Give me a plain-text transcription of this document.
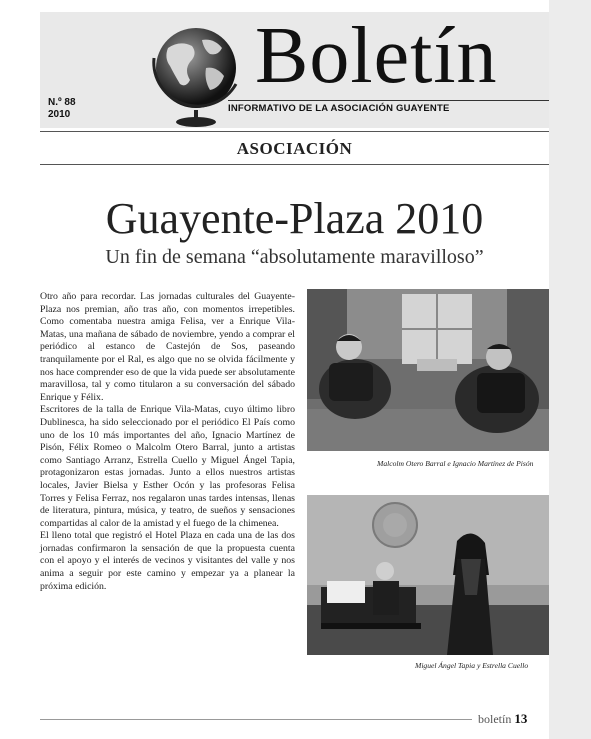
Boletín
INFORMATIVO DE LA ASOCIACIÓN GUAYENTE
N.º 88
2010
ASOCIACIÓN
Guayente-Plaza 2010
Un fin de semana “absolutamente maravilloso”

Otro año para recordar. Las jornadas culturales del Guayente-Plaza nos premian, año tras año, con momentos irrepetibles. Como comentaba nuestra amiga Felisa, ver a Enrique Vila-Matas, una mañana de sábado de noviembre, yendo a comprar el periódico al estanco de Castejón de Sos, paseando tranquilamente por el Ral, es algo que no se olvida fácilmente y nos hace comprender eso de que la vida puede ser absolutamente maravillosa, tal y como titularon a su conversación del sábado Enrique y Félix.

Escritores de la talla de Enrique Vila-Matas, cuyo último libro Dublinesca, ha sido seleccionado por el periódico El País como uno de los 10 más importantes del año, Ignacio Martínez de Pisón, Félix Romeo o Malcolm Otero Barral, junto a artistas como Santiago Arranz, Estrella Cuello y Miguel Ángel Tapia, protagonizaron estas jornadas. Junto a ellos nuestros artistas locales, Javier Bielsa y Esther Ocón y las profesoras Felisa Torres y Felisa Ferraz, nos regalaron unas tardes intensas, llenas de literatura, pintura, música, y teatro, de sueños y sensaciones compartidas al calor de la amistad y el fuego de la chimenea.

El lleno total que registró el Hotel Plaza en cada una de las dos jornadas confirmaron la sensación de que la propuesta cuenta con el apoyo y el interés de vecinos y visitantes del valle y nos anima a seguir por este camino y empezar ya a planear la próxima edición.

Malcolm Otero Barral e Ignacio Martínez de Pisón
Miguel Ángel Tapia y Estrella Cuello
boletín 13
